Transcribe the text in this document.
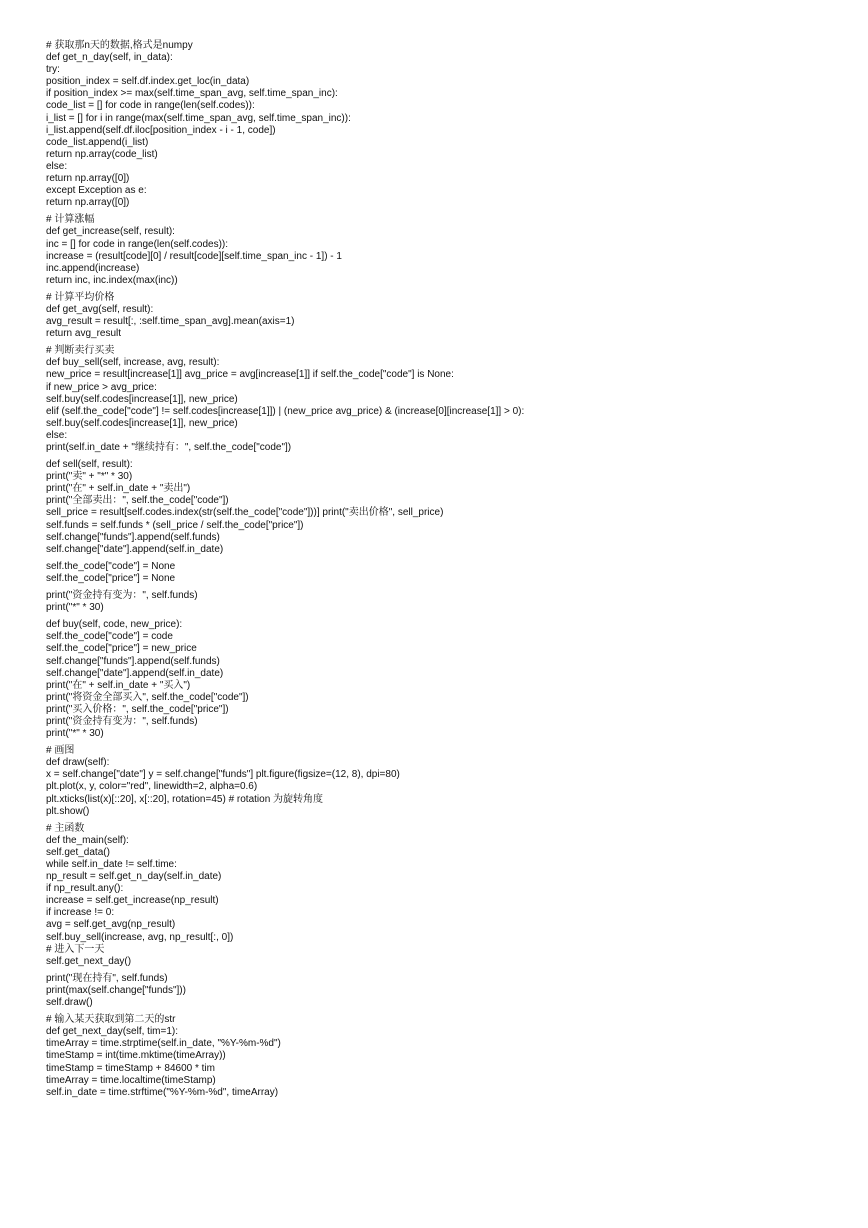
# 获取那n天的数据,格式是numpy
def get_n_day(self, in_data):
try:
position_index = self.df.index.get_loc(in_data)
if position_index >= max(self.time_span_avg, self.time_span_inc):
code_list = [] for code in range(len(self.codes)):
i_list = [] for i in range(max(self.time_span_avg, self.time_span_inc)):
i_list.append(self.df.iloc[position_index - i - 1, code])
code_list.append(i_list)
return np.array(code_list)
else:
return np.array([0])
except Exception as e:
return np.array([0])
# 计算涨幅
def get_increase(self, result):
inc = [] for code in range(len(self.codes)):
increase = (result[code][0] / result[code][self.time_span_inc - 1]) - 1
inc.append(increase)
return inc, inc.index(max(inc))
# 计算平均价格
def get_avg(self, result):
avg_result = result[:, :self.time_span_avg].mean(axis=1)
return avg_result
# 判断卖行买卖
def buy_sell(self, increase, avg, result):
new_price = result[increase[1]] avg_price = avg[increase[1]] if self.the_code["code"] is None:
if new_price > avg_price:
self.buy(self.codes[increase[1]], new_price)
elif (self.the_code["code"] != self.codes[increase[1]]) | (new_price avg_price) & (increase[0][increase[1]] > 0):
self.buy(self.codes[increase[1]], new_price)
else:
print(self.in_date + "继续持有：", self.the_code["code"])
def sell(self, result):
print("卖" + "*" * 30)
print("在" + self.in_date + "卖出")
print("全部卖出：", self.the_code["code"])
sell_price = result[self.codes.index(str(self.the_code["code"]))] print("卖出价格", sell_price)
self.funds = self.funds * (sell_price / self.the_code["price"])
self.change["funds"].append(self.funds)
self.change["date"].append(self.in_date)
self.the_code["code"] = None
self.the_code["price"] = None
print("资金持有变为：", self.funds)
print("*" * 30)
def buy(self, code, new_price):
self.the_code["code"] = code
self.the_code["price"] = new_price
self.change["funds"].append(self.funds)
self.change["date"].append(self.in_date)
print("在" + self.in_date + "买入")
print("将资金全部买入", self.the_code["code"])
print("买入价格：", self.the_code["price"])
print("资金持有变为：", self.funds)
print("*" * 30)
# 画图
def draw(self):
x = self.change["date"] y = self.change["funds"] plt.figure(figsize=(12, 8), dpi=80)
plt.plot(x, y, color="red", linewidth=2, alpha=0.6)
plt.xticks(list(x)[::20], x[::20], rotation=45) # rotation 为旋转角度
plt.show()
# 主函数
def the_main(self):
self.get_data()
while self.in_date != self.time:
np_result = self.get_n_day(self.in_date)
if np_result.any():
increase = self.get_increase(np_result)
if increase != 0:
avg = self.get_avg(np_result)
self.buy_sell(increase, avg, np_result[:, 0])
# 进入下一天
self.get_next_day()
print("现在持有", self.funds)
print(max(self.change["funds"]))
self.draw()
# 输入某天获取到第二天的str
def get_next_day(self, tim=1):
timeArray = time.strptime(self.in_date, "%Y-%m-%d")
timeStamp = int(time.mktime(timeArray))
timeStamp = timeStamp + 84600 * tim
timeArray = time.localtime(timeStamp)
self.in_date = time.strftime("%Y-%m-%d", timeArray)
